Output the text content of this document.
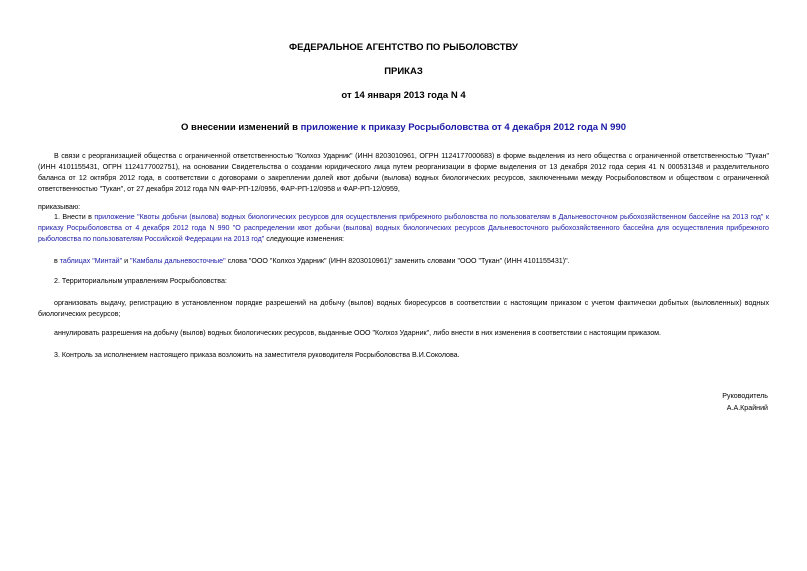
ФЕДЕРАЛЬНОЕ АГЕНТСТВО ПО РЫБОЛОВСТВУ
ПРИКАЗ
от 14 января 2013 года N 4
О внесении изменений в приложение к приказу Росрыболовства от 4 декабря 2012 года N 990

В связи с реорганизацией общества с ограниченной ответственностью "Колхоз Ударник" (ИНН 8203010961, ОГРН 1124177000683) в форме выделения из него общества с ограниченной ответственностью "Тукан" (ИНН 4101155431, ОГРН 1124177002751), на основании Свидетельства о создании юридического лица путем реорганизации в форме выделения от 13 декабря 2012 года серия 41 N 000531348 и разделительного баланса от 12 октября 2012 года, в соответствии с договорами о закреплении долей квот добычи (вылова) водных биологических ресурсов, заключенными между Росрыболовством и обществом с ограниченной ответственностью "Тукан", от 27 декабря 2012 года NN ФАР-РП-12/0956, ФАР-РП-12/0958 и ФАР-РП-12/0959,

приказываю:

1. Внести в приложение "Квоты добычи (вылова) водных биологических ресурсов для осуществления прибрежного рыболовства по пользователям в Дальневосточном рыбохозяйственном бассейне на 2013 год" к приказу Росрыболовства от 4 декабря 2012 года N 990 "О распределении квот добычи (вылова) водных биологических ресурсов Дальневосточного рыбохозяйственного бассейна для осуществления прибрежного рыболовства по пользователям Российской Федерации на 2013 год" следующие изменения:

в таблицах "Минтай" и "Камбалы дальневосточные" слова "ООО "Колхоз Ударник" (ИНН 8203010961)" заменить словами "ООО "Тукан" (ИНН 4101155431)".

2. Территориальным управлениям Росрыболовства:

организовать выдачу, регистрацию в установленном порядке разрешений на добычу (вылов) водных биоресурсов в соответствии с настоящим приказом с учетом фактически добытых (выловленных) водных биологических ресурсов;

аннулировать разрешения на добычу (вылов) водных биологических ресурсов, выданные ООО "Колхоз Ударник", либо внести в них изменения в соответствии с настоящим приказом.

3. Контроль за исполнением настоящего приказа возложить на заместителя руководителя Росрыболовства В.И.Соколова.

Руководитель
А.А.Крайний
